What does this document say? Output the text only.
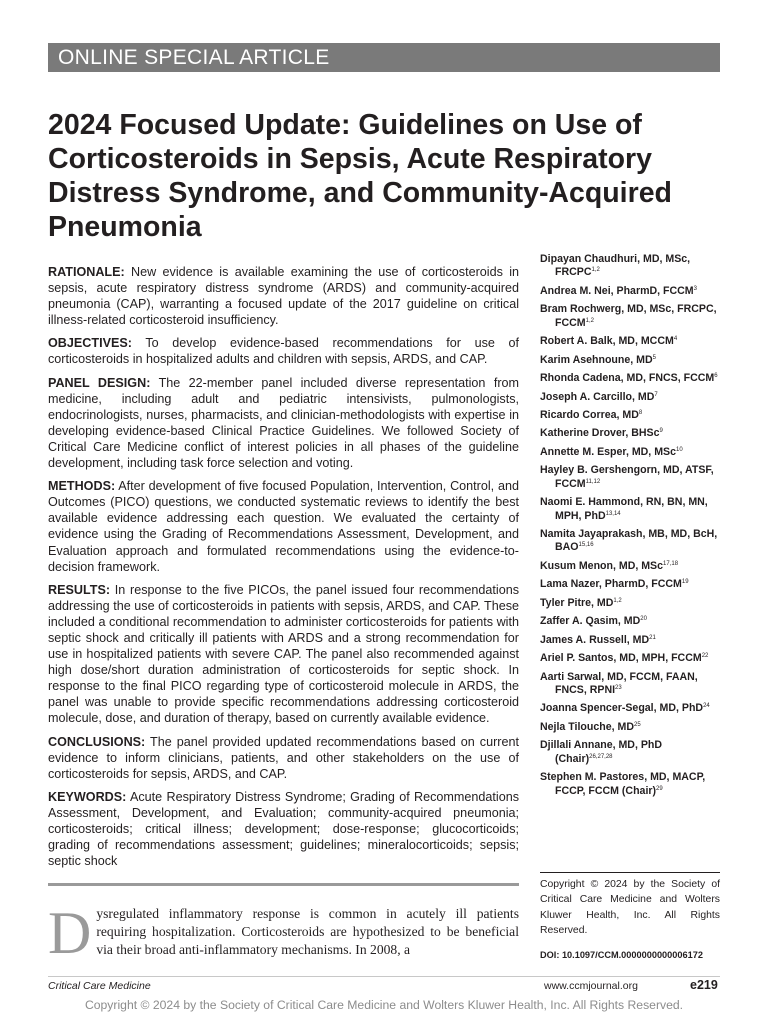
ONLINE SPECIAL ARTICLE
2024 Focused Update: Guidelines on Use of Corticosteroids in Sepsis, Acute Respiratory Distress Syndrome, and Community-Acquired Pneumonia

RATIONALE: New evidence is available examining the use of corticosteroids in sepsis, acute respiratory distress syndrome (ARDS) and community-acquired pneumonia (CAP), warranting a focused update of the 2017 guideline on critical illness-related corticosteroid insufficiency.

OBJECTIVES: To develop evidence-based recommendations for use of corticosteroids in hospitalized adults and children with sepsis, ARDS, and CAP.

PANEL DESIGN: The 22-member panel included diverse representation from medicine, including adult and pediatric intensivists, pulmonologists, endocrinologists, nurses, pharmacists, and clinician-methodologists with expertise in developing evidence-based Clinical Practice Guidelines. We followed Society of Critical Care Medicine conflict of interest policies in all phases of the guideline development, including task force selection and voting.

METHODS: After development of five focused Population, Intervention, Control, and Outcomes (PICO) questions, we conducted systematic reviews to identify the best available evidence addressing each question. We evaluated the certainty of evidence using the Grading of Recommendations Assessment, Development, and Evaluation approach and formulated recommendations using the evidence-to-decision framework.

RESULTS: In response to the five PICOs, the panel issued four recommendations addressing the use of corticosteroids in patients with sepsis, ARDS, and CAP. These included a conditional recommendation to administer corticosteroids for patients with septic shock and critically ill patients with ARDS and a strong recommendation for use in hospitalized patients with severe CAP. The panel also recommended against high dose/short duration administration of corticosteroids for septic shock. In response to the final PICO regarding type of corticosteroid molecule in ARDS, the panel was unable to provide specific recommendations addressing corticosteroid molecule, dose, and duration of therapy, based on currently available evidence.

CONCLUSIONS: The panel provided updated recommendations based on current evidence to inform clinicians, patients, and other stakeholders on the use of corticosteroids for sepsis, ARDS, and CAP.

KEYWORDS: Acute Respiratory Distress Syndrome; Grading of Recommendations Assessment, Development, and Evaluation; community-acquired pneumonia; corticosteroids; critical illness; development; dose-response; glucocorticoids; grading of recommendations assessment; guidelines; mineralocorticoids; sepsis; septic shock

Dipayan Chaudhuri, MD, MSc, FRCPC$^{1,2}$
Andrea M. Nei, PharmD, FCCM$^3$
Bram Rochwerg, MD, MSc, FRCPC, FCCM$^{1,2}$
Robert A. Balk, MD, MCCM$^4$
Karim Asehnoune, $MD^5$
Rhonda Cadena, MD, FNCS, FCCM$^6$
Joseph A. Carcillo, $MD^7$
Ricardo Correa, $MD^8$
Katherine Drover, BHSc$^9$
Annette M. Esper, MD, MSc$^{10}$
Hayley B. Gershengorn, MD, ATSF, FCCM$^{11,12}$
Naomi E. Hammond, RN, BN, MN, MPH, PhD$^{13,14}$
Namita Jayaprakash, MB, MD, BcH, BAO$^{15,16}$
Kusum Menon, MD, MSc$^{17,18}$
Lama Nazer, PharmD, FCCM$^{19}$
Tyler Pitre, MD$^{1,2}$
Zaffer A. Qasim, MD$^{20}$
James A. Russell, MD$^{21}$
Ariel P. Santos, MD, MPH, FCCM$^{22}$
Aarti Sarwal, MD, FCCM, FAAN, FNCS, RPNI$^{23}$
Joanna Spencer-Segal, MD, PhD$^{24}$
Nejla Tilouche, MD$^{25}$
Djillali Annane, MD, PhD (Chair)$^{26,27,28}$
Stephen M. Pastores, MD, MACP, FCCP, FCCM (Chair)$^{29}$
Copyright © 2024 by the Society of Critical Care Medicine and Wolters Kluwer Health, Inc. All Rights Reserved.
DOI: 10.1097/CCM.0000000000006172
Dysregulated inflammatory response is common in acutely ill patients requiring hospitalization. Corticosteroids are hypothesized to be beneficial via their broad anti-inflammatory mechanisms. In 2008, a
Critical Care Medicine	www.ccmjournal.org	e219
Copyright © 2024 by the Society of Critical Care Medicine and Wolters Kluwer Health, Inc. All Rights Reserved.
